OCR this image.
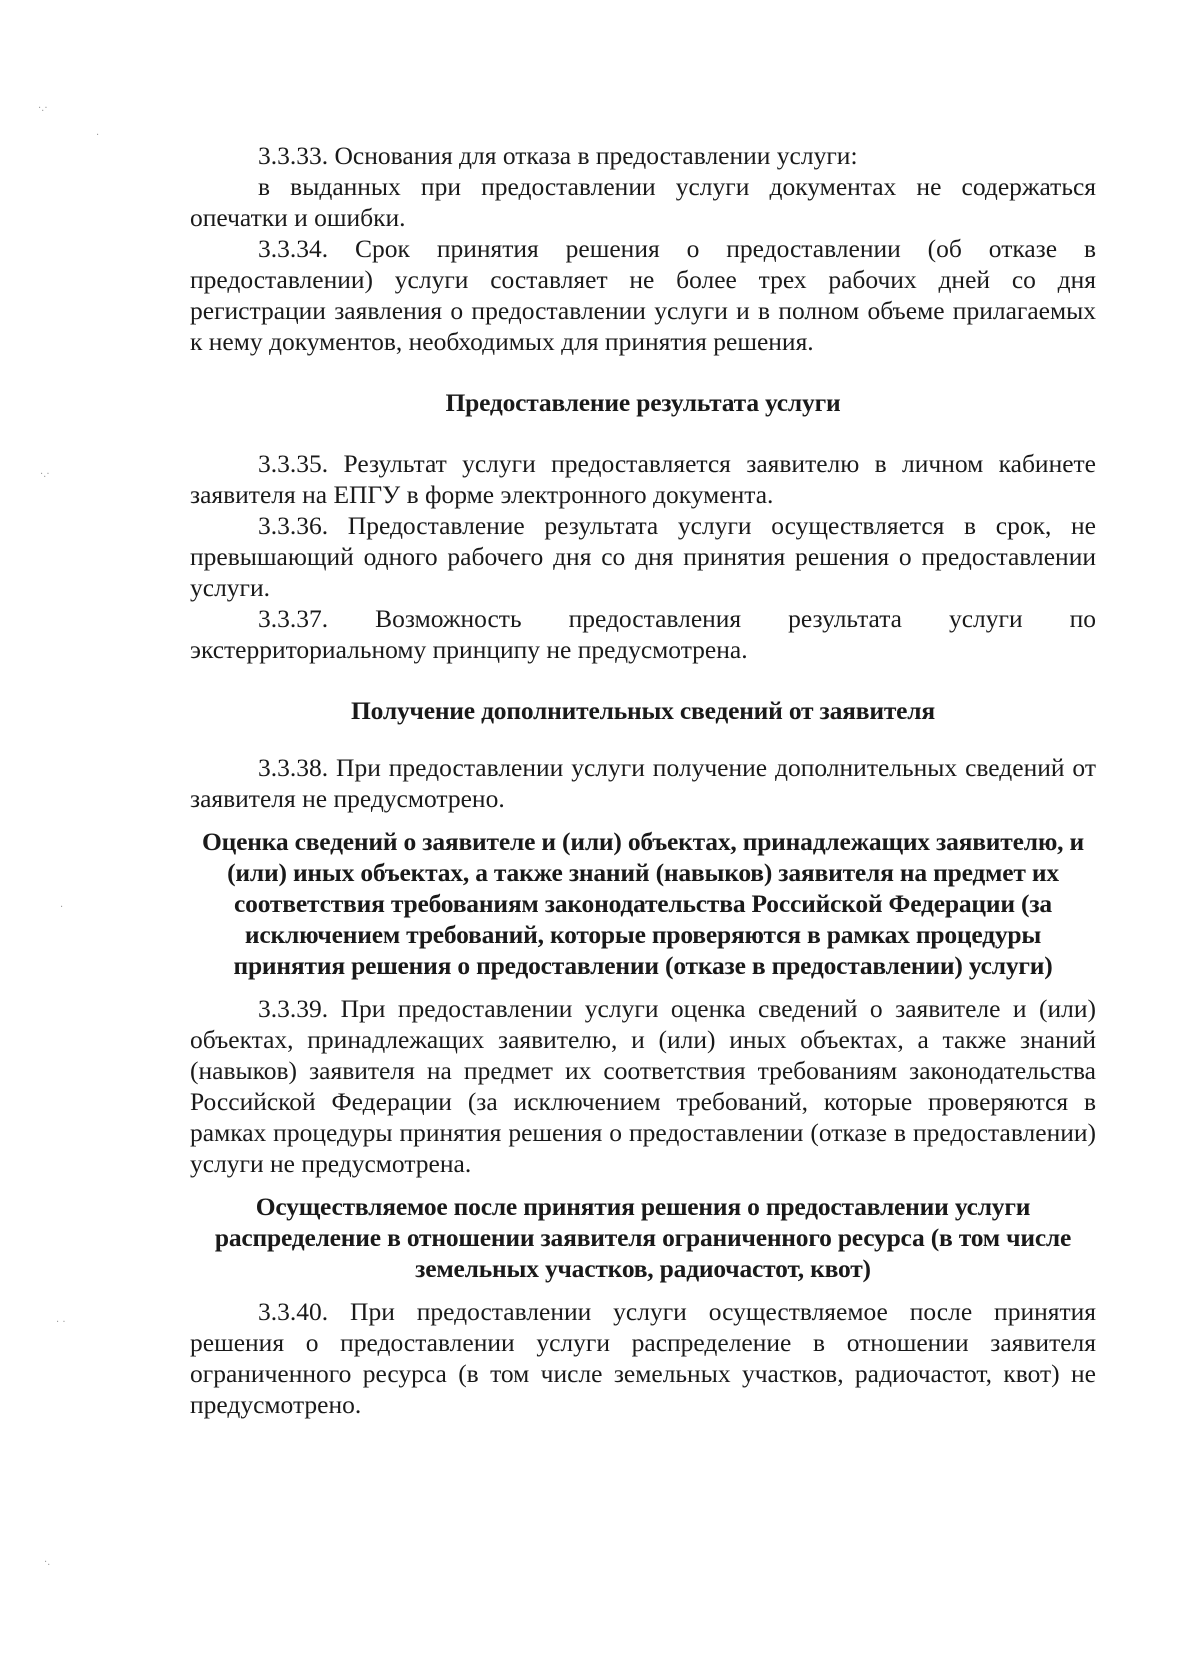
·.·
.
·.·
.
· ·
·.

3.3.33. Основания для отказа в предоставлении услуги:

в выданных при предоставлении услуги документах не содержаться опечатки и ошибки.

3.3.34. Срок принятия решения о предоставлении (об отказе в предоставлении) услуги составляет не более трех рабочих дней со дня регистрации заявления о предоставлении услуги и в полном объеме прилагаемых к нему документов, необходимых для принятия решения.

Предоставление результата услуги

3.3.35. Результат услуги предоставляется заявителю в личном кабинете заявителя на ЕПГУ в форме электронного документа.

3.3.36. Предоставление результата услуги осуществляется в срок, не превышающий одного рабочего дня со дня принятия решения о предоставлении услуги.

3.3.37. Возможность предоставления результата услуги по экстерриториальному принципу не предусмотрена.

Получение дополнительных сведений от заявителя

3.3.38. При предоставлении услуги получение дополнительных сведений от заявителя не предусмотрено.

Оценка сведений о заявителе и (или) объектах, принадлежащих заявителю, и (или) иных объектах, а также знаний (навыков) заявителя на предмет их соответствия требованиям законодательства Российской Федерации (за исключением требований, которые проверяются в рамках процедуры принятия решения о предоставлении (отказе в предоставлении) услуги)

3.3.39. При предоставлении услуги оценка сведений о заявителе и (или) объектах, принадлежащих заявителю, и (или) иных объектах, а также знаний (навыков) заявителя на предмет их соответствия требованиям законодательства Российской Федерации (за исключением требований, которые проверяются в рамках процедуры принятия решения о предоставлении (отказе в предоставлении) услуги не предусмотрена.

Осуществляемое после принятия решения о предоставлении услуги распределение в отношении заявителя ограниченного ресурса (в том числе земельных участков, радиочастот, квот)

3.3.40. При предоставлении услуги осуществляемое после принятия решения о предоставлении услуги распределение в отношении заявителя ограниченного ресурса (в том числе земельных участков, радиочастот, квот) не предусмотрено.
